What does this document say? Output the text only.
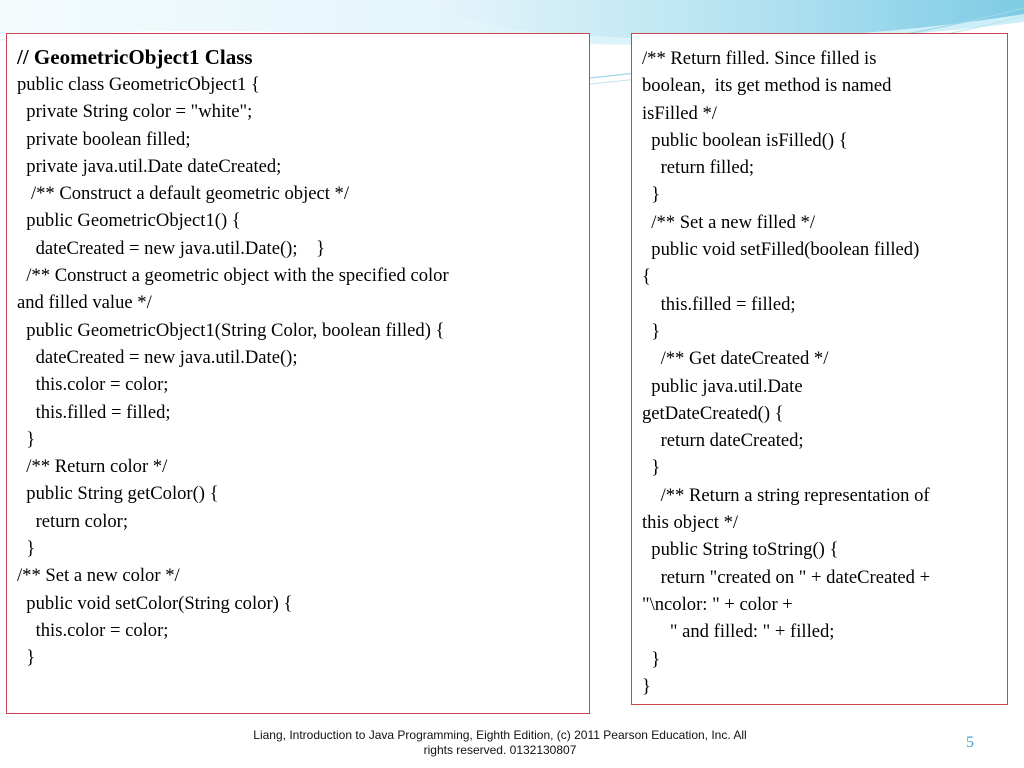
// GeometricObject1 Class
public class GeometricObject1 {
private String color = "white";
private boolean filled;
private java.util.Date dateCreated;
/** Construct a default geometric object */
public GeometricObject1() {
dateCreated = new java.util.Date();    }
/** Construct a geometric object with the specified color
and filled value */
public GeometricObject1(String Color, boolean filled) {
dateCreated = new java.util.Date();
this.color = color;
this.filled = filled;
}
/** Return color */
public String getColor() {
return color;
}
/** Set a new color */
public void setColor(String color) {
this.color = color;
}
/** Return filled. Since filled is
boolean,  its get method is named
isFilled */
public boolean isFilled() {
return filled;
}
/** Set a new filled */
public void setFilled(boolean filled)
{
this.filled = filled;
}
/** Get dateCreated */
public java.util.Date
getDateCreated() {
return dateCreated;
}
/** Return a string representation of
this object */
public String toString() {
return "created on " + dateCreated +
"\ncolor: " + color +
" and filled: " + filled;
}
}
Liang, Introduction to Java Programming, Eighth Edition, (c) 2011 Pearson Education, Inc. All
rights reserved. 0132130807	5
